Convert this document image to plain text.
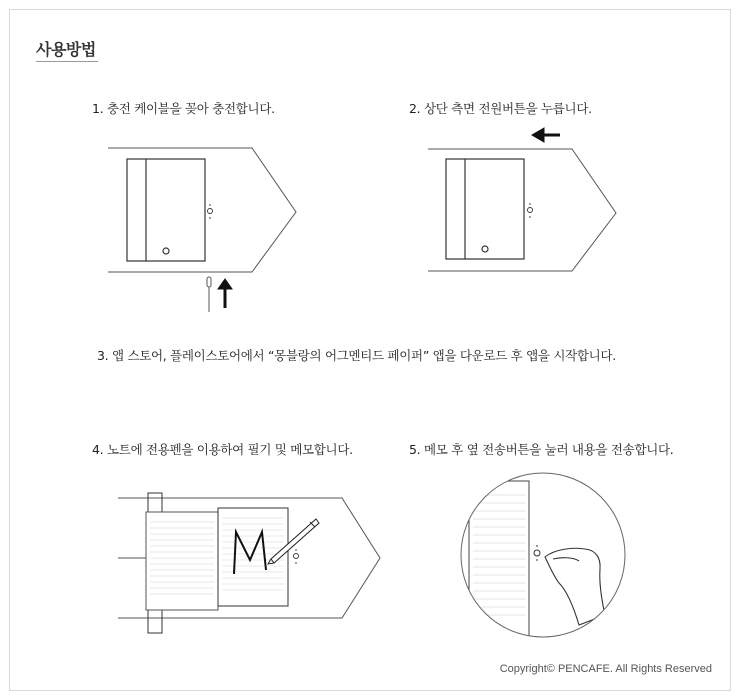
사용방법
1. 충전 케이블을 꽂아 충전합니다.	2. 상단 측면 전원버튼을 누릅니다.
3. 앱 스토어, 플레이스토어에서 “몽블랑의 어그멘티드 페이퍼” 앱을 다운로드 후 앱을 시작합니다.
4. 노트에 전용펜을 이용하여 필기 및 메모합니다.	5. 메모 후 옆 전송버튼을 눌러 내용을 전송합니다.
Copyright© PENCAFE. All Rights Reserved
